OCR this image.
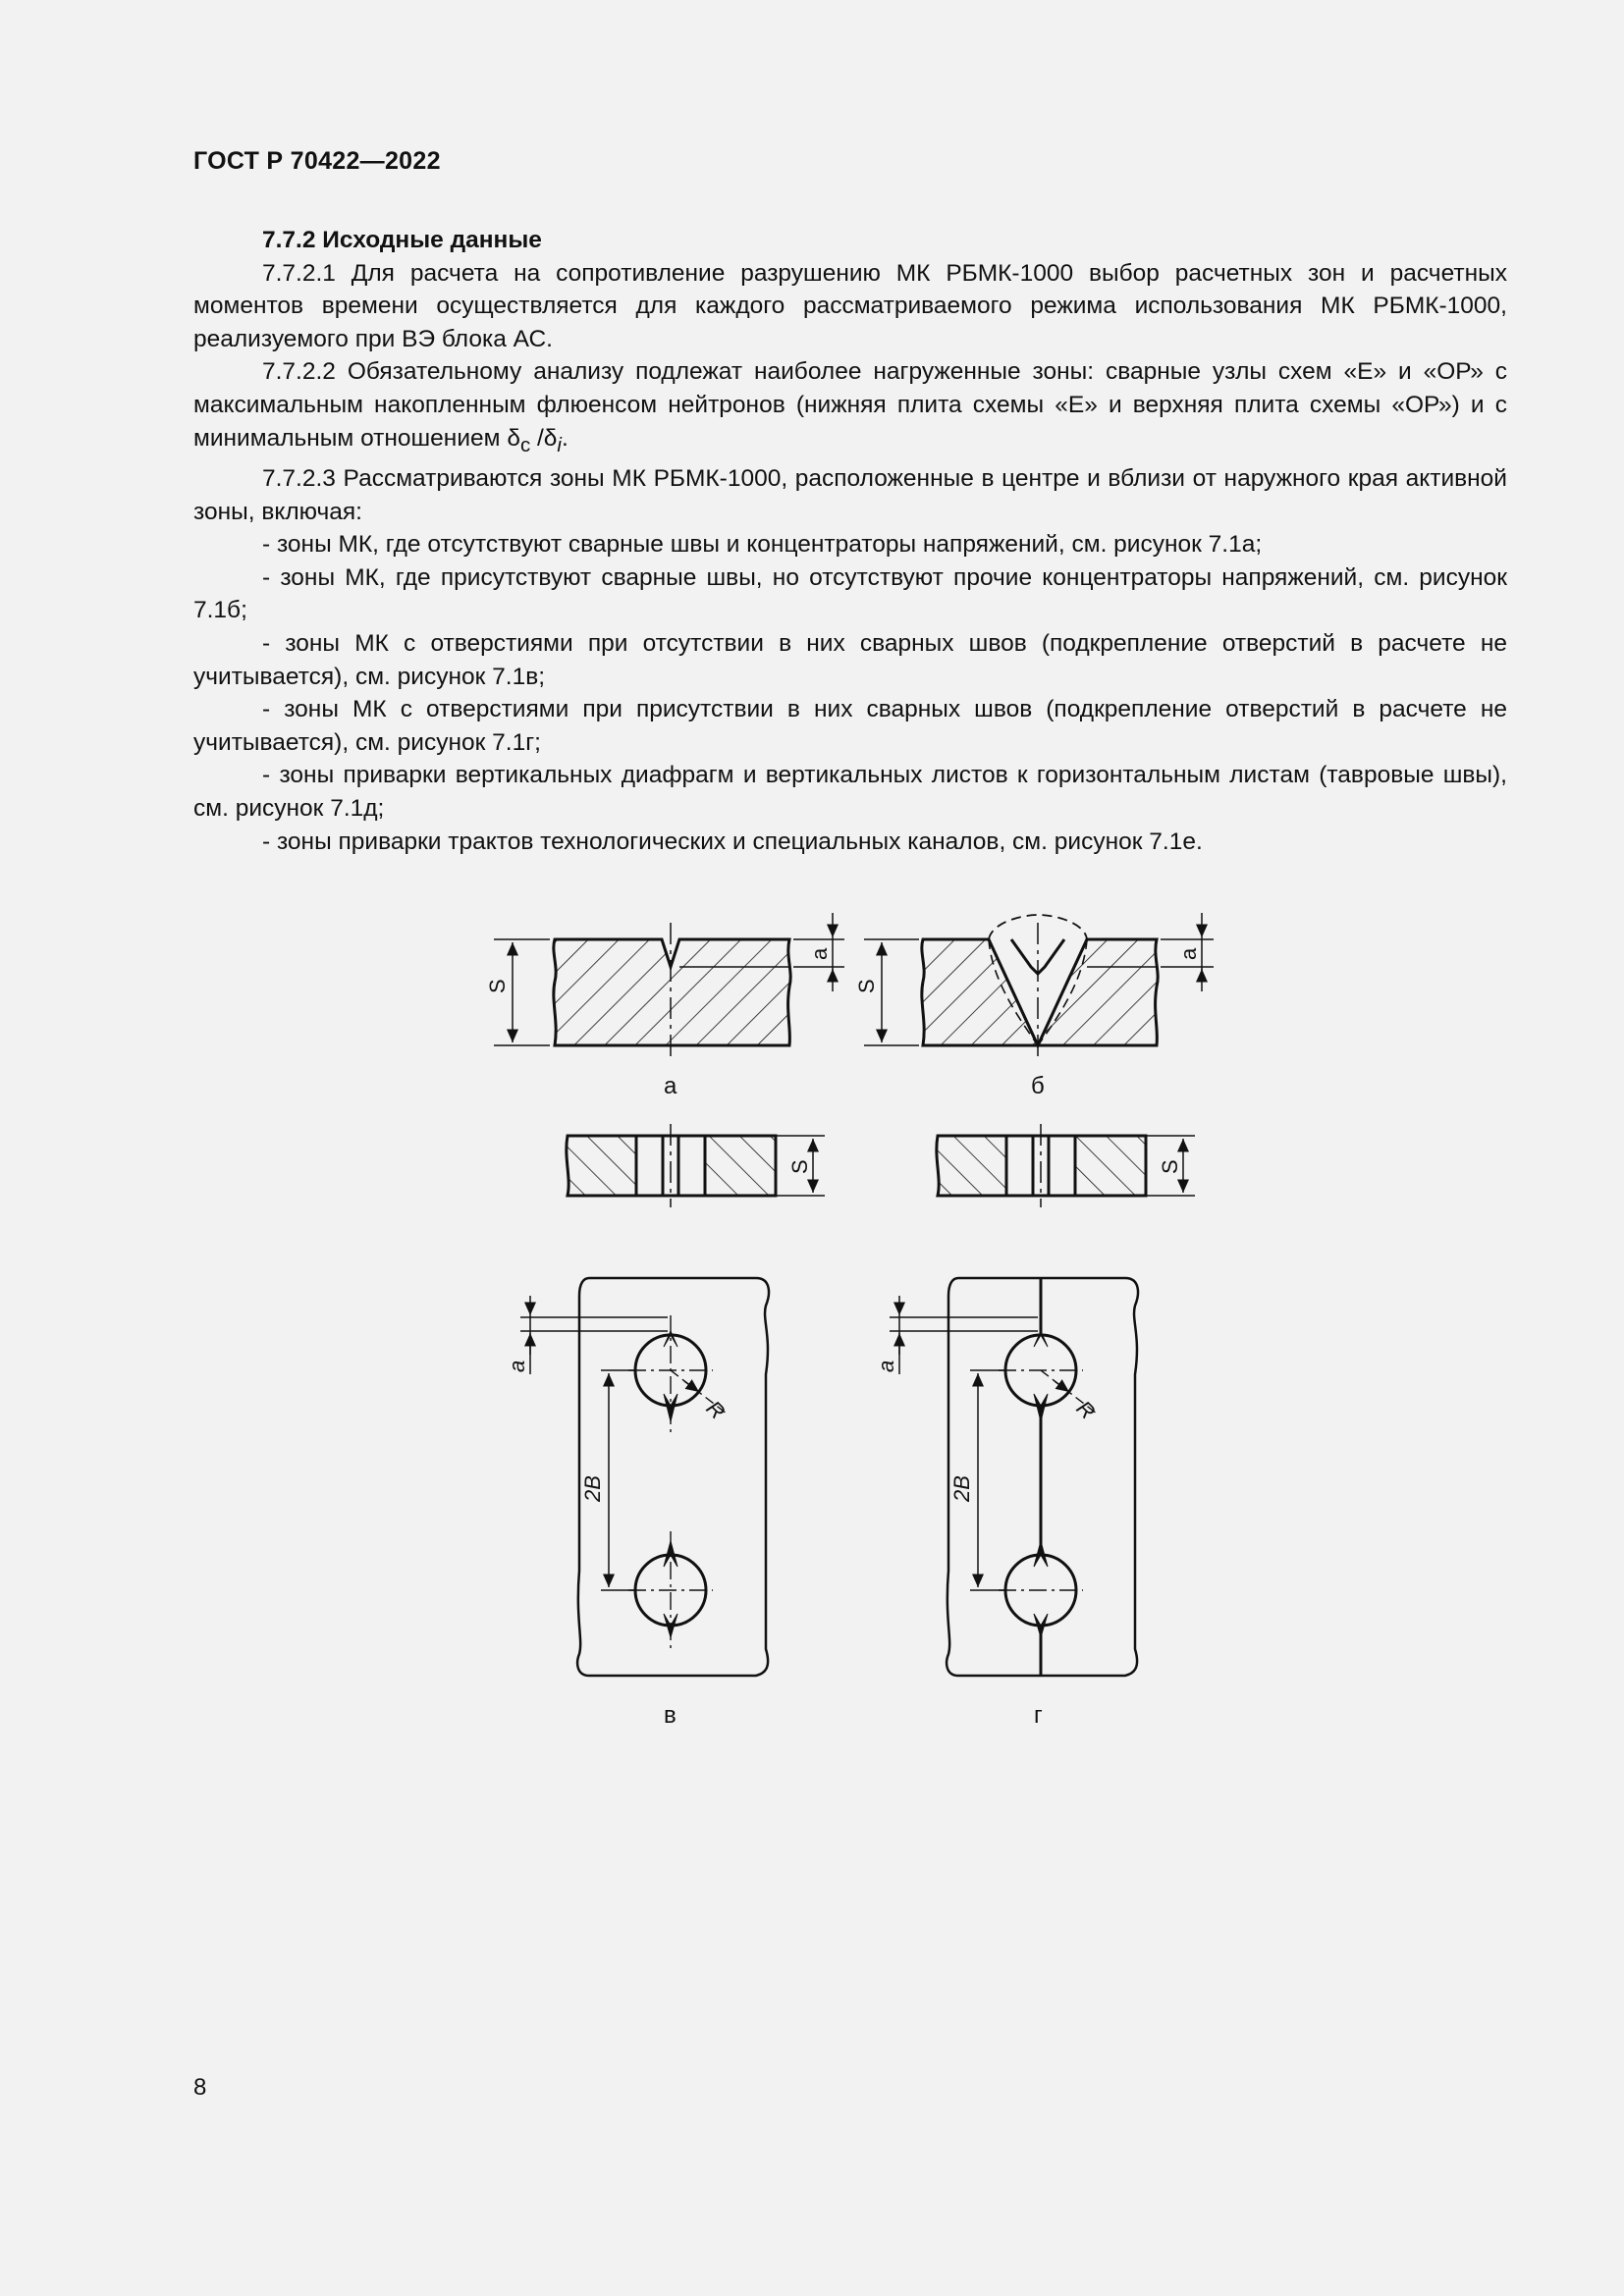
ГОСТ Р 70422—2022

7.7.2 Исходные данные

7.7.2.1 Для расчета на сопротивление разрушению МК РБМК-1000 выбор расчетных зон и расчетных моментов времени осуществляется для каждого рассматриваемого режима использования МК РБМК-1000, реализуемого при ВЭ блока АС.

7.7.2.2 Обязательному анализу подлежат наиболее нагруженные зоны: сварные узлы схем «Е» и «ОР» с максимальным накопленным флюенсом нейтронов (нижняя плита схемы «Е» и верхняя плита схемы «ОР») и с минимальным отношением $\delta_c$ $/\delta_i$.

7.7.2.3 Рассматриваются зоны МК РБМК-1000, расположенные в центре и вблизи от наружного края активной зоны, включая:

- зоны МК, где отсутствуют сварные швы и концентраторы напряжений, см. рисунок 7.1а;

- зоны МК, где присутствуют сварные швы, но отсутствуют прочие концентраторы напряжений, см. рисунок 7.1б;

- зоны МК с отверстиями при отсутствии в них сварных швов (подкрепление отверстий в расчете не учитывается), см. рисунок 7.1в;

- зоны МК с отверстиями при присутствии в них сварных швов (подкрепление отверстий в расчете не учитывается), см. рисунок 7.1г;

- зоны приварки вертикальных диафрагм и вертикальных листов к горизонтальным листам (тавровые швы), см. рисунок 7.1д;

- зоны приварки трактов технологических и специальных каналов, см. рисунок 7.1е.

S
a
а
S
a
б
S	S
a
R
2B
в
a
R
2B
г
8
